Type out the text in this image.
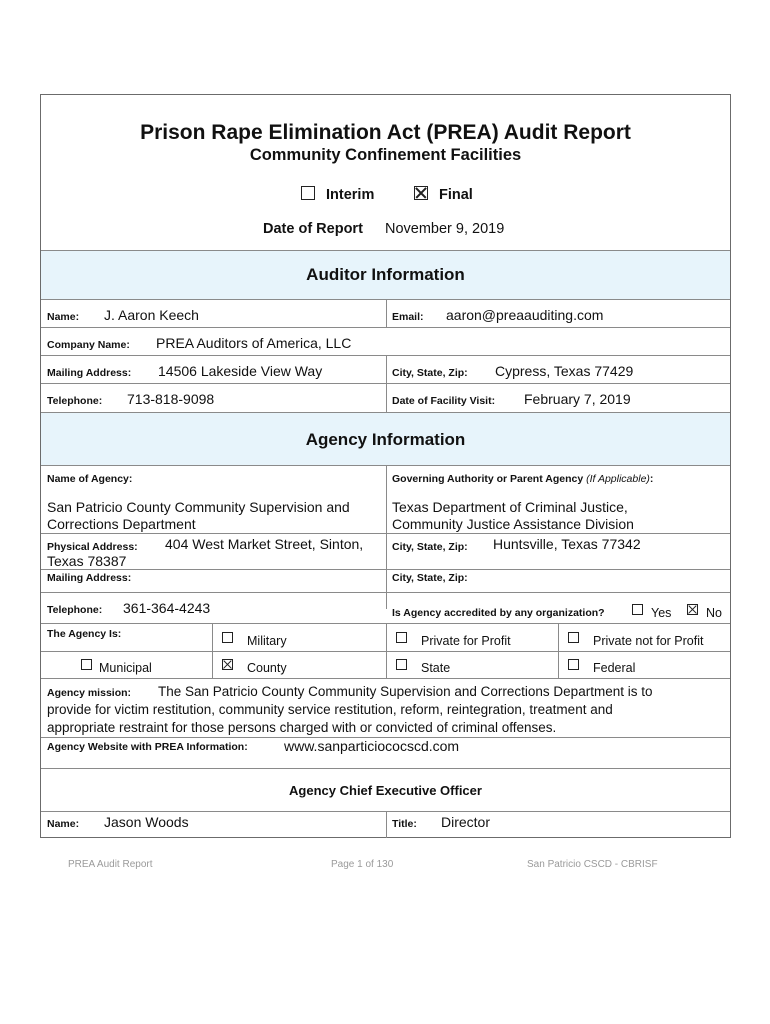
Prison Rape Elimination Act (PREA) Audit Report
Community Confinement Facilities
Interim	Final
Date of Report November 9, 2019
Auditor Information
Name: J. Aaron Keech	Email: aaron@preaauditing.com
Company Name: PREA Auditors of America, LLC
Mailing Address: 14506 Lakeside View Way	City, State, Zip: Cypress, Texas 77429
Telephone: 713-818-9098	Date of Facility Visit: February 7, 2019
Agency Information
Name of Agency:
San Patricio County Community Supervision and
Corrections Department
Governing Authority or Parent Agency (If Applicable):
Texas Department of Criminal Justice,
Community Justice Assistance Division
Physical Address: 404 West Market Street, Sinton,
Texas 78387
City, State, Zip: Huntsville, Texas 77342
Mailing Address:	City, State, Zip:
Telephone: 361-364-4243	Is Agency accredited by any organization?	Yes	No
The Agency Is:	Military	Private for Profit	Private not for Profit
Municipal	County	State	Federal
Agency mission: The San Patricio County Community Supervision and Corrections Department is to
provide for victim restitution, community service restitution, reform, reintegration, treatment and
appropriate restraint for those persons charged with or convicted of criminal offenses.
Agency Website with PREA Information:	www.sanparticiococscd.com
Agency Chief Executive Officer
Name: Jason Woods	Title: Director
PREA Audit Report	Page 1 of 130	San Patricio CSCD - CBRISF
